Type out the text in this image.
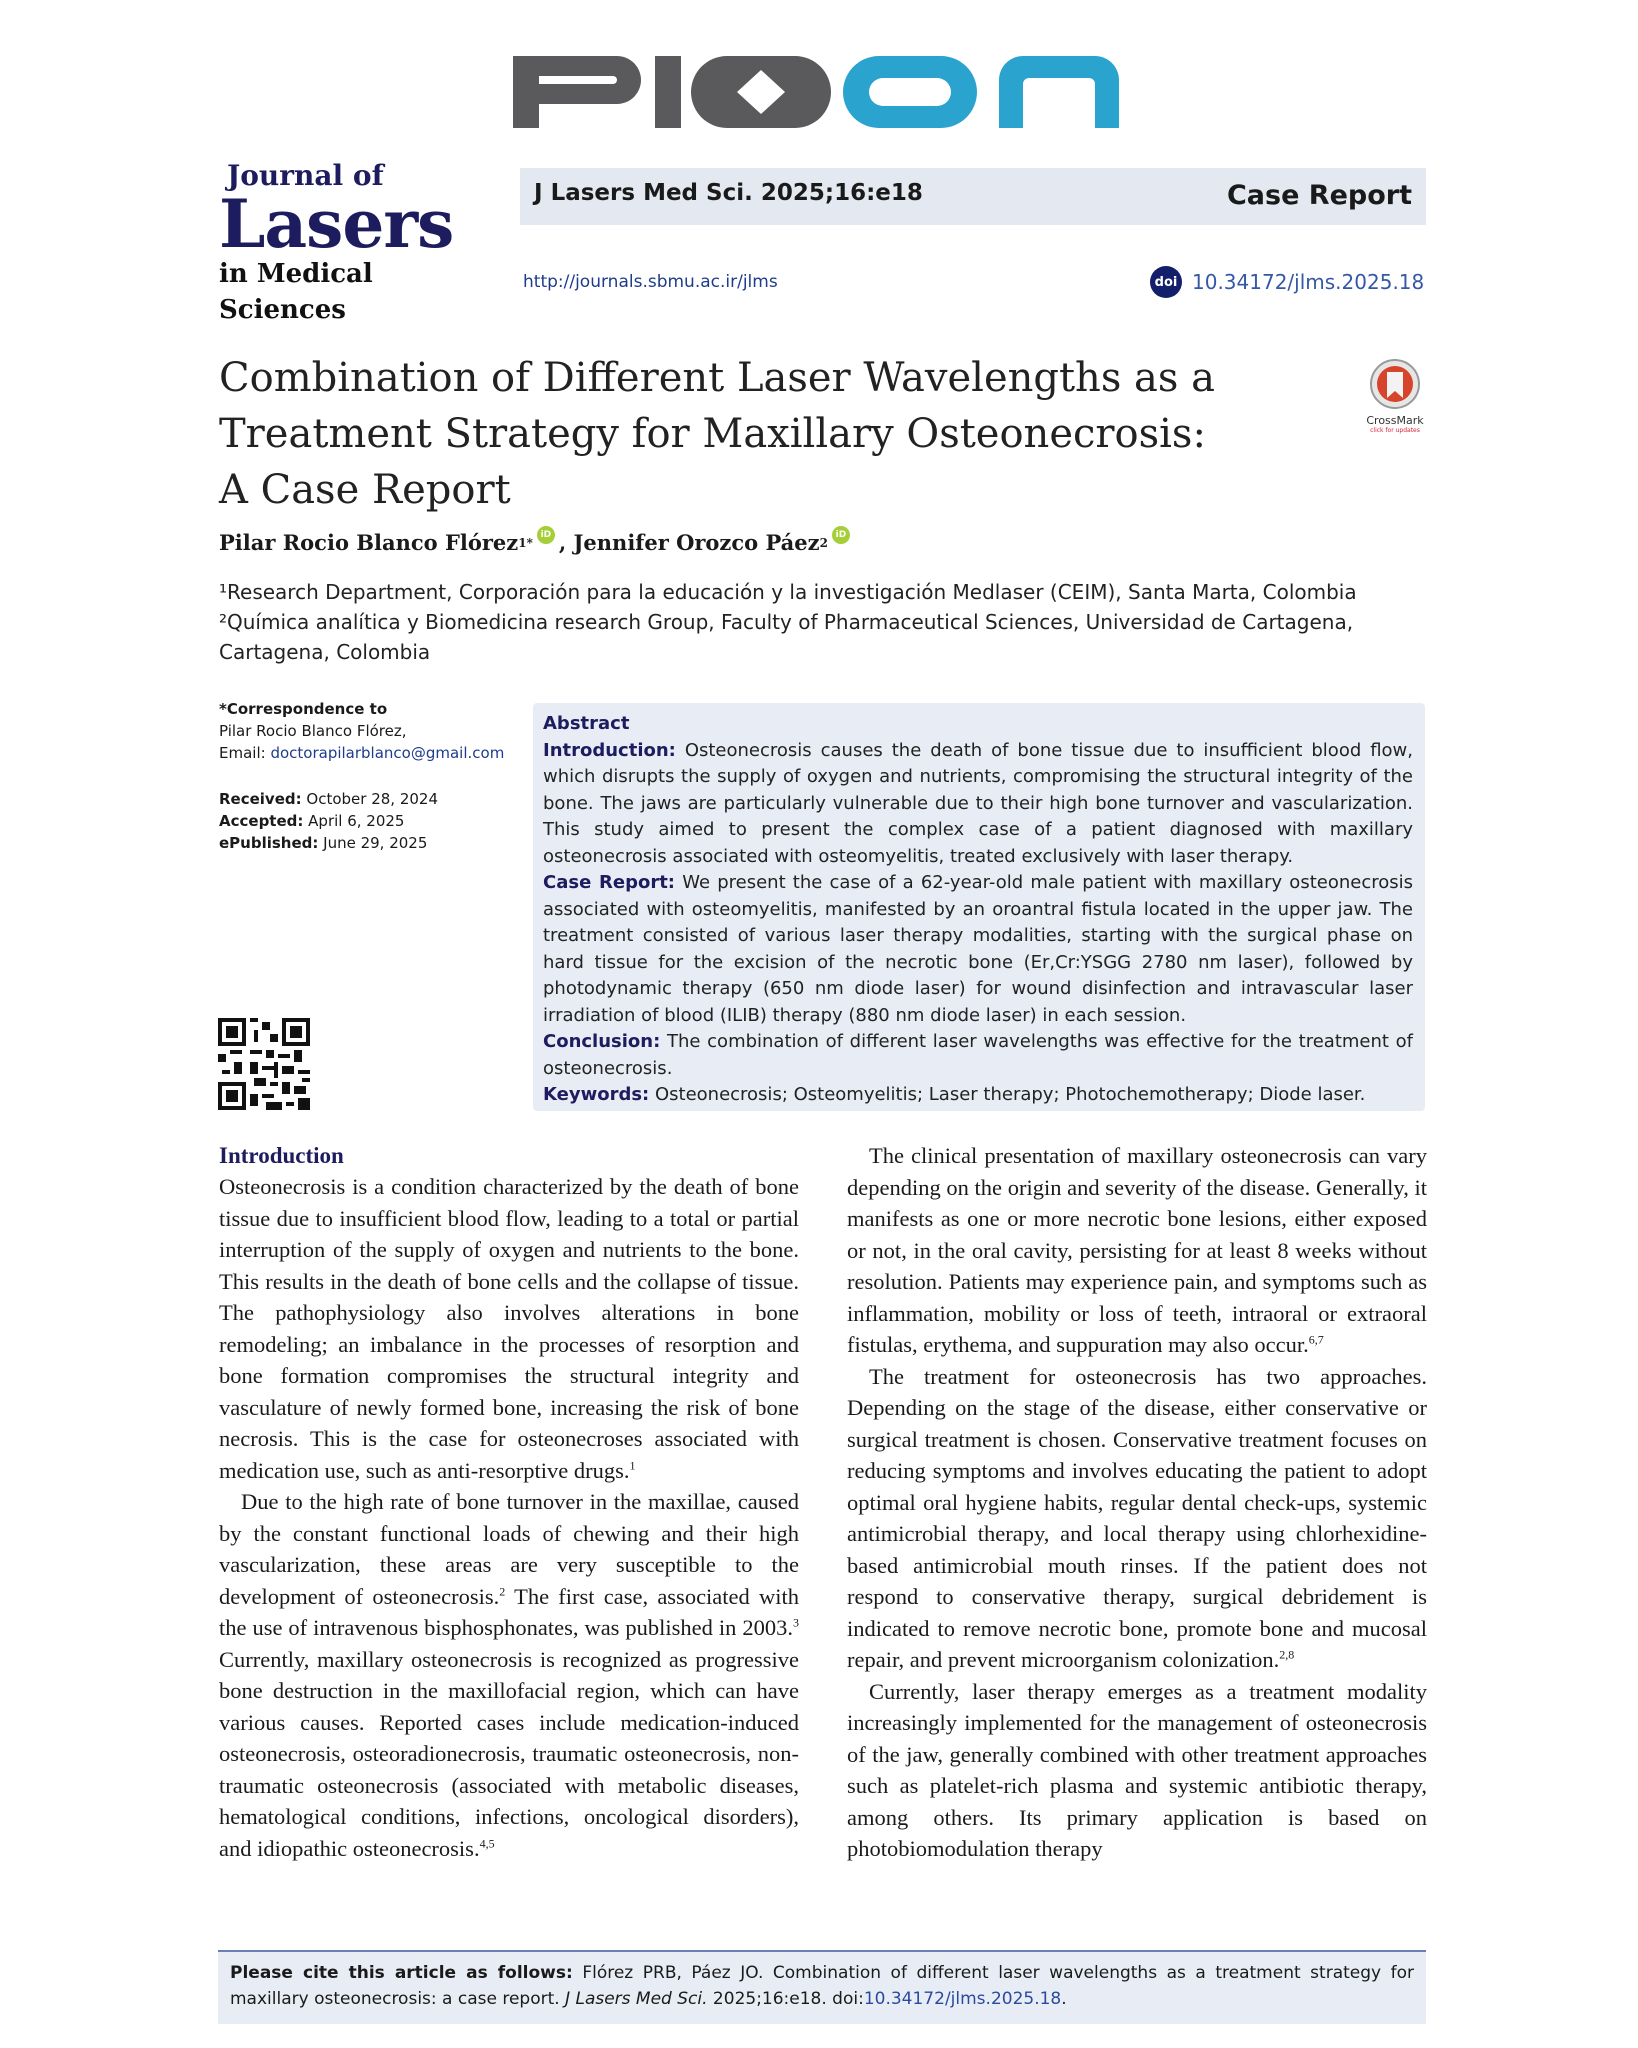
Journal of
Lasers
in Medical Sciences
J Lasers Med Sci. 2025;16:e18	Case Report
http://journals.sbmu.ac.ir/jlms	doi 10.34172/jlms.2025.18
Combination of Different Laser Wavelengths as a
Treatment Strategy for Maxillary Osteonecrosis:
A Case Report
CrossMark
click for updates
Pilar Rocio Blanco Flórez 1*
iD , Jennifer Orozco Páez 2
iD
¹Research Department, Corporación para la educación y la investigación Medlaser (CEIM), Santa Marta, Colombia
²Química analítica y Biomedicina research Group, Faculty of Pharmaceutical Sciences, Universidad de Cartagena,
Cartagena, Colombia
*Correspondence to
Pilar Rocio Blanco Flórez,
Email: doctorapilarblanco@gmail.com
Received: October 28, 2024
Accepted: April 6, 2025
ePublished: June 29, 2025
Abstract
Introduction: Osteonecrosis causes the death of bone tissue due to insufficient blood flow, which disrupts the supply of oxygen and nutrients, compromising the structural integrity of the bone. The jaws are particularly vulnerable due to their high bone turnover and vascularization. This study aimed to present the complex case of a patient diagnosed with maxillary osteonecrosis associated with osteomyelitis, treated exclusively with laser therapy.
Case Report: We present the case of a 62-year-old male patient with maxillary osteonecrosis associated with osteomyelitis, manifested by an oroantral fistula located in the upper jaw. The treatment consisted of various laser therapy modalities, starting with the surgical phase on hard tissue for the excision of the necrotic bone (Er,Cr:YSGG 2780 nm laser), followed by photodynamic therapy (650 nm diode laser) for wound disinfection and intravascular laser irradiation of blood (ILIB) therapy (880 nm diode laser) in each session.
Conclusion: The combination of different laser wavelengths was effective for the treatment of osteonecrosis.
Keywords: Osteonecrosis; Osteomyelitis; Laser therapy; Photochemotherapy; Diode laser.
Introduction

Osteonecrosis is a condition characterized by the death of bone tissue due to insufficient blood flow, leading to a total or partial interruption of the supply of oxygen and nutrients to the bone. This results in the death of bone cells and the collapse of tissue. The pathophysiology also involves alterations in bone remodeling; an imbalance in the processes of resorption and bone formation compromises the structural integrity and vasculature of newly formed bone, increasing the risk of bone necrosis. This is the case for osteonecroses associated with medication use, such as anti-resorptive drugs.$^1$

Due to the high rate of bone turnover in the maxillae, caused by the constant functional loads of chewing and their high vascularization, these areas are very susceptible to the development of osteonecrosis.$^2$ The first case, associated with the use of intravenous bisphosphonates, was published in 2003.$^3$ Currently, maxillary osteonecrosis is recognized as progressive bone destruction in the maxillofacial region, which can have various causes. Reported cases include medication-induced osteonecrosis, osteoradionecrosis, traumatic osteonecrosis, non-traumatic osteonecrosis (associated with metabolic diseases, hematological conditions, infections, oncological disorders), and idiopathic osteonecrosis.$^{4,5}$

The clinical presentation of maxillary osteonecrosis can vary depending on the origin and severity of the disease. Generally, it manifests as one or more necrotic bone lesions, either exposed or not, in the oral cavity, persisting for at least 8 weeks without resolution. Patients may experience pain, and symptoms such as inflammation, mobility or loss of teeth, intraoral or extraoral fistulas, erythema, and suppuration may also occur.$^{6,7}$

The treatment for osteonecrosis has two approaches. Depending on the stage of the disease, either conservative or surgical treatment is chosen. Conservative treatment focuses on reducing symptoms and involves educating the patient to adopt optimal oral hygiene habits, regular dental check-ups, systemic antimicrobial therapy, and local therapy using chlorhexidine-based antimicrobial mouth rinses. If the patient does not respond to conservative therapy, surgical debridement is indicated to remove necrotic bone, promote bone and mucosal repair, and prevent microorganism colonization.$^{2,8}$

Currently, laser therapy emerges as a treatment modality increasingly implemented for the management of osteonecrosis of the jaw, generally combined with other treatment approaches such as platelet-rich plasma and systemic antibiotic therapy, among others. Its primary application is based on photobiomodulation therapy

Please cite this article as follows: Flórez PRB, Páez JO. Combination of different laser wavelengths as a treatment strategy for maxillary osteonecrosis: a case report. J Lasers Med Sci. 2025;16:e18. doi:10.34172/jlms.2025.18.
